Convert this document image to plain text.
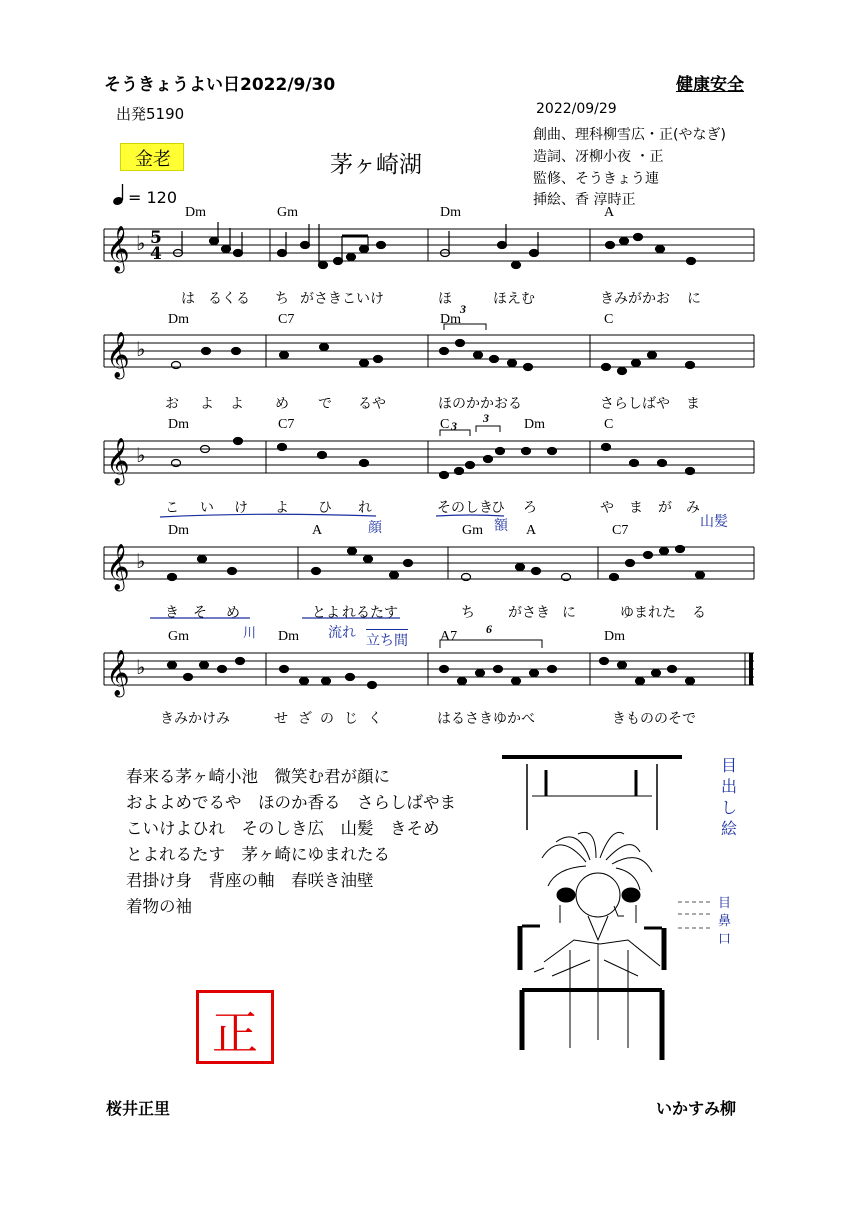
そうきょうよい日2022/9/30	健康安全
出発5190	2022/09/29
創曲、理科柳雪広・正(やなぎ)
造詞、冴柳小夜 ・正
監修、そうきょう連
挿絵、香 淳時正
金老	茅ヶ崎湖
= 120
𝄞
𝄞
𝄞
𝄞
𝄞
♭
♭
♭
♭
♭
5
4
Dm	Gm	Dm	A
Dm	C7	Dm	C
3
Dm	C7	C	Dm	C
3
3
Dm	A	Gm	A	C7
Gm	Dm	A7	Dm
6
は るくる ち がさきこいけ	ほ	ほえむ	きみがかお に
お よ よ め で るや	ほのかかおる	さらしばや ま
こ い け よ ひ れ	そのしき
ひ ろ	や ま が み
顔	山髪
き そ め	とよ れるたす	ち がさき に	ゆまれた る
額
川	流れ 立ち間
きみかけみ	せ ざ の じ く	はるさきゆかべ	きもののそで
春来る茅ヶ崎小池　微笑む君が顔に
およよめでるや　ほのか香る　さらしばやま
こいけよひれ　そのしき広　山髪　きそめ
とよれるたす　茅ヶ崎にゆまれたる
君掛け身　背座の軸　春咲き油壁
着物の袖
正
目出し絵
目
鼻
口
桜井正里	いかすみ柳
